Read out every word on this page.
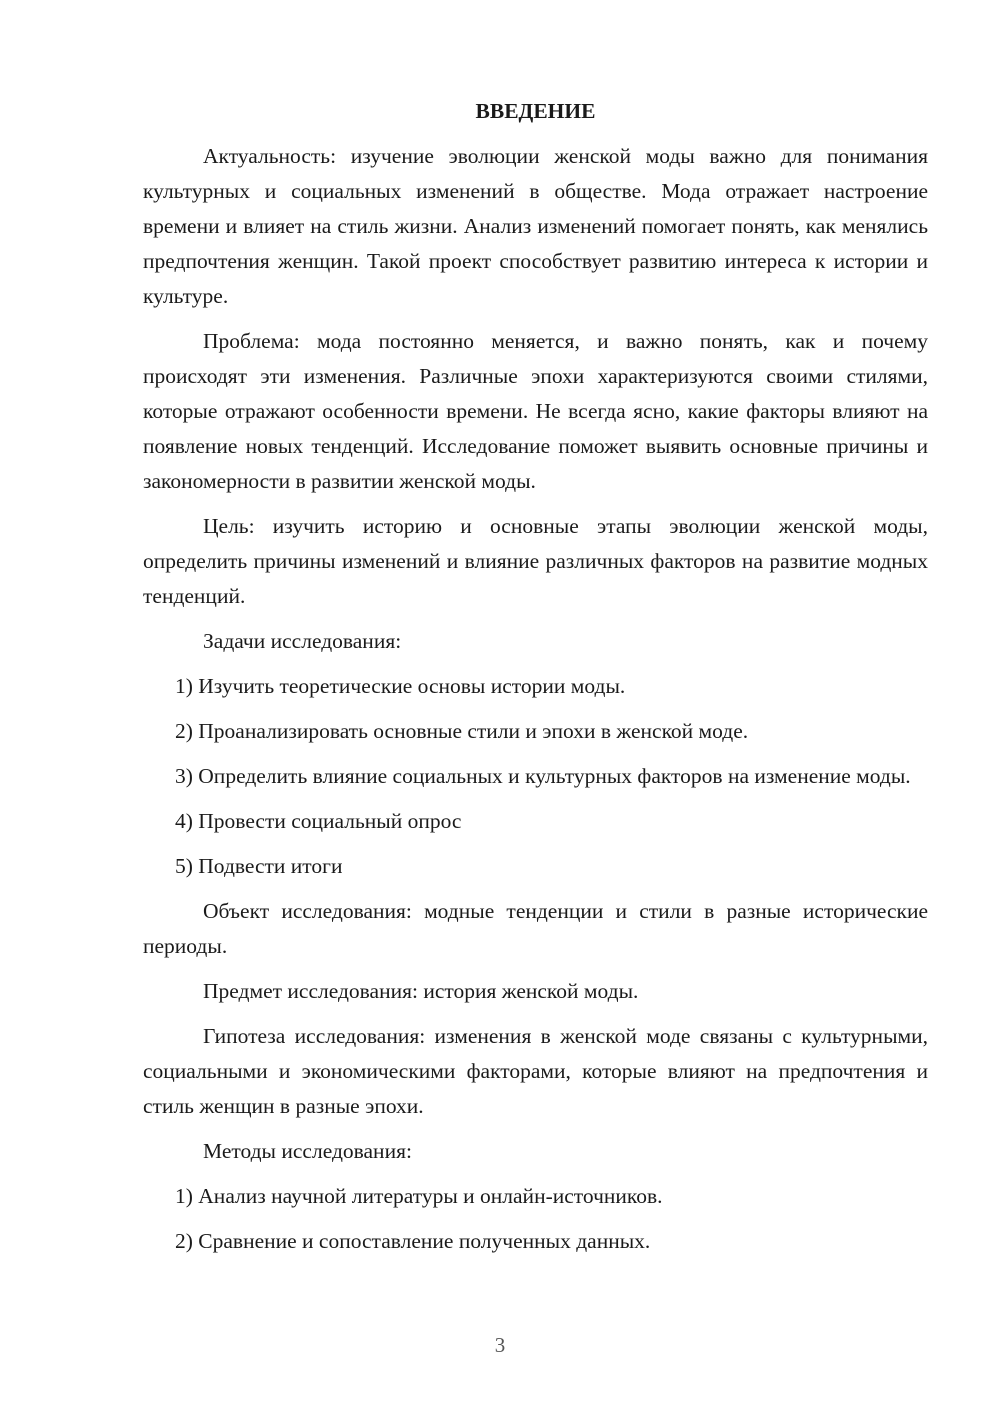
ВВЕДЕНИЕ

Актуальность: изучение эволюции женской моды важно для понимания культурных и социальных изменений в обществе. Мода отражает настроение времени и влияет на стиль жизни. Анализ изменений помогает понять, как менялись предпочтения женщин. Такой проект способствует развитию интереса к истории и культуре.

Проблема: мода постоянно меняется, и важно понять, как и почему происходят эти изменения. Различные эпохи характеризуются своими стилями, которые отражают особенности времени. Не всегда ясно, какие факторы влияют на появление новых тенденций. Исследование поможет выявить основные причины и закономерности в развитии женской моды.

Цель: изучить историю и основные этапы эволюции женской моды, определить причины изменений и влияние различных факторов на развитие модных тенденций.

Задачи исследования:

1) Изучить теоретические основы истории моды.

2) Проанализировать основные стили и эпохи в женской моде.

3) Определить влияние социальных и культурных факторов на изменение моды.

4) Провести социальный опрос

5) Подвести итоги

Объект исследования: модные тенденции и стили в разные исторические периоды.

Предмет исследования: история женской моды.

Гипотеза исследования: изменения в женской моде связаны с культурными, социальными и экономическими факторами, которые влияют на предпочтения и стиль женщин в разные эпохи.

Методы исследования:

1) Анализ научной литературы и онлайн-источников.

2) Сравнение и сопоставление полученных данных.

3
